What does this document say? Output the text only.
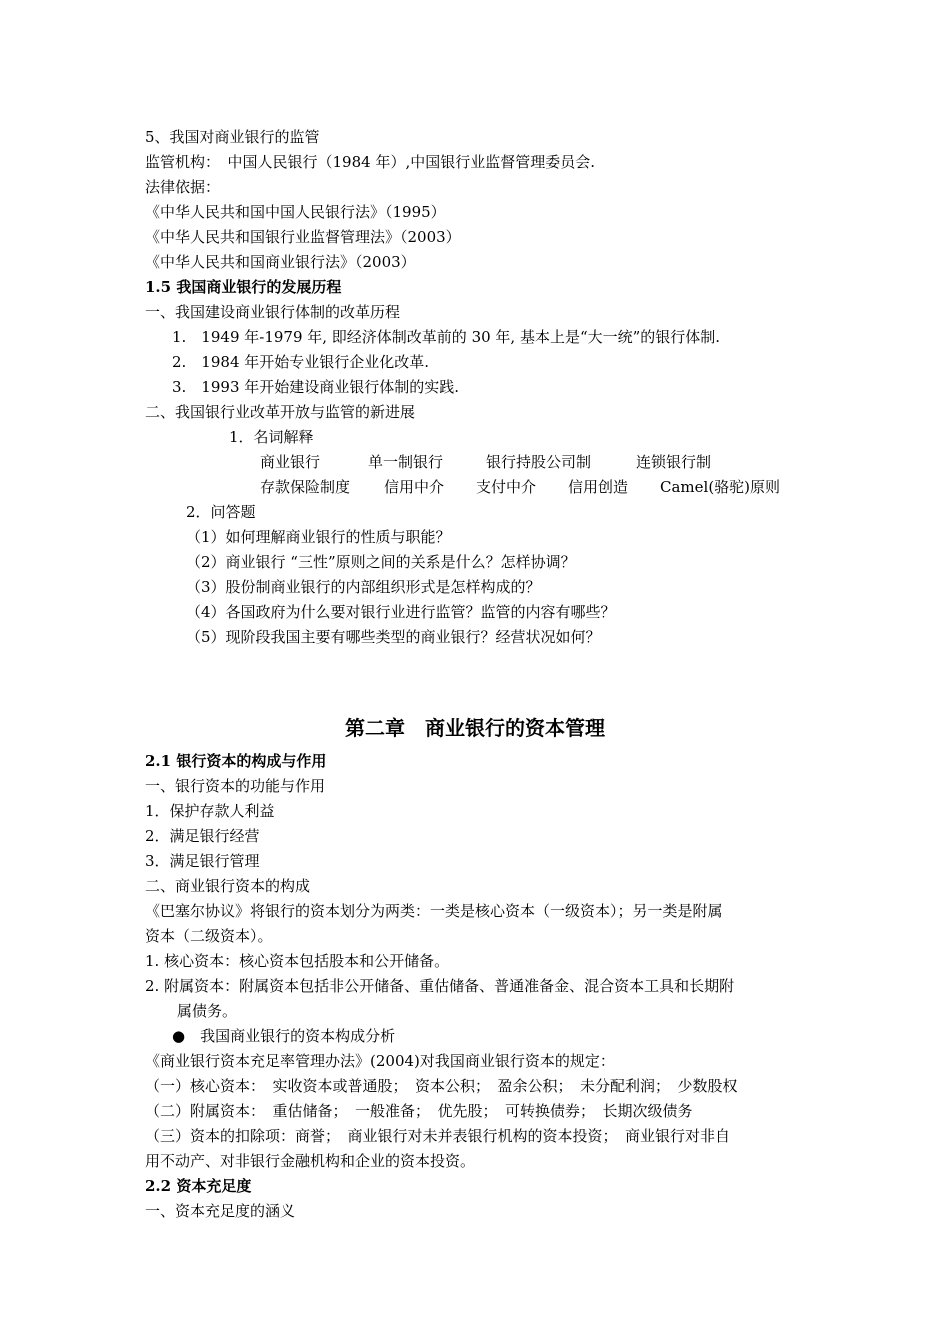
5、我国对商业银行的监管
监管机构：　中国人民银行（1984 年）,中国银行业监督管理委员会.
法律依据：
《中华人民共和国中国人民银行法》（1995）
《中华人民共和国银行业监督管理法》（2003）
《中华人民共和国商业银行法》（2003）
1.5 我国商业银行的发展历程
一、我国建设商业银行体制的改革历程
1.　1949 年-1979 年, 即经济体制改革前的 30 年, 基本上是“大一统”的银行体制.
2.　1984 年开始专业银行企业化改革.
3.　1993 年开始建设商业银行体制的实践.
二、我国银行业改革开放与监管的新进展
1．名词解释
商业银行	单一制银行	银行持股公司制	连锁银行制
存款保险制度	信用中介	支付中介	信用创造	Camel(骆驼)原则
2．问答题
（1）如何理解商业银行的性质与职能？
（2）商业银行 “三性”原则之间的关系是什么？怎样协调？
（3）股份制商业银行的内部组织形式是怎样构成的？
（4）各国政府为什么要对银行业进行监管？监管的内容有哪些？
（5）现阶段我国主要有哪些类型的商业银行？经营状况如何？
第二章　商业银行的资本管理
2.1 银行资本的构成与作用
一、银行资本的功能与作用
1．保护存款人利益
2．满足银行经营
3．满足银行管理
二、商业银行资本的构成
《巴塞尔协议》将银行的资本划分为两类：一类是核心资本（一级资本）；另一类是附属
资本（二级资本）。
1. 核心资本：核心资本包括股本和公开储备。
2. 附属资本：附属资本包括非公开储备、重估储备、普通准备金、混合资本工具和长期附
属债务。
●　我国商业银行的资本构成分析
《商业银行资本充足率管理办法》(2004)对我国商业银行资本的规定：
（一）核心资本：　实收资本或普通股；　资本公积；　盈余公积；　未分配利润；　少数股权
（二）附属资本：　重估储备；　一般准备；　优先股；　可转换债券；　长期次级债务
（三）资本的扣除项：商誉；　商业银行对未并表银行机构的资本投资；　商业银行对非自
用不动产、对非银行金融机构和企业的资本投资。
2.2 资本充足度
一、资本充足度的涵义
